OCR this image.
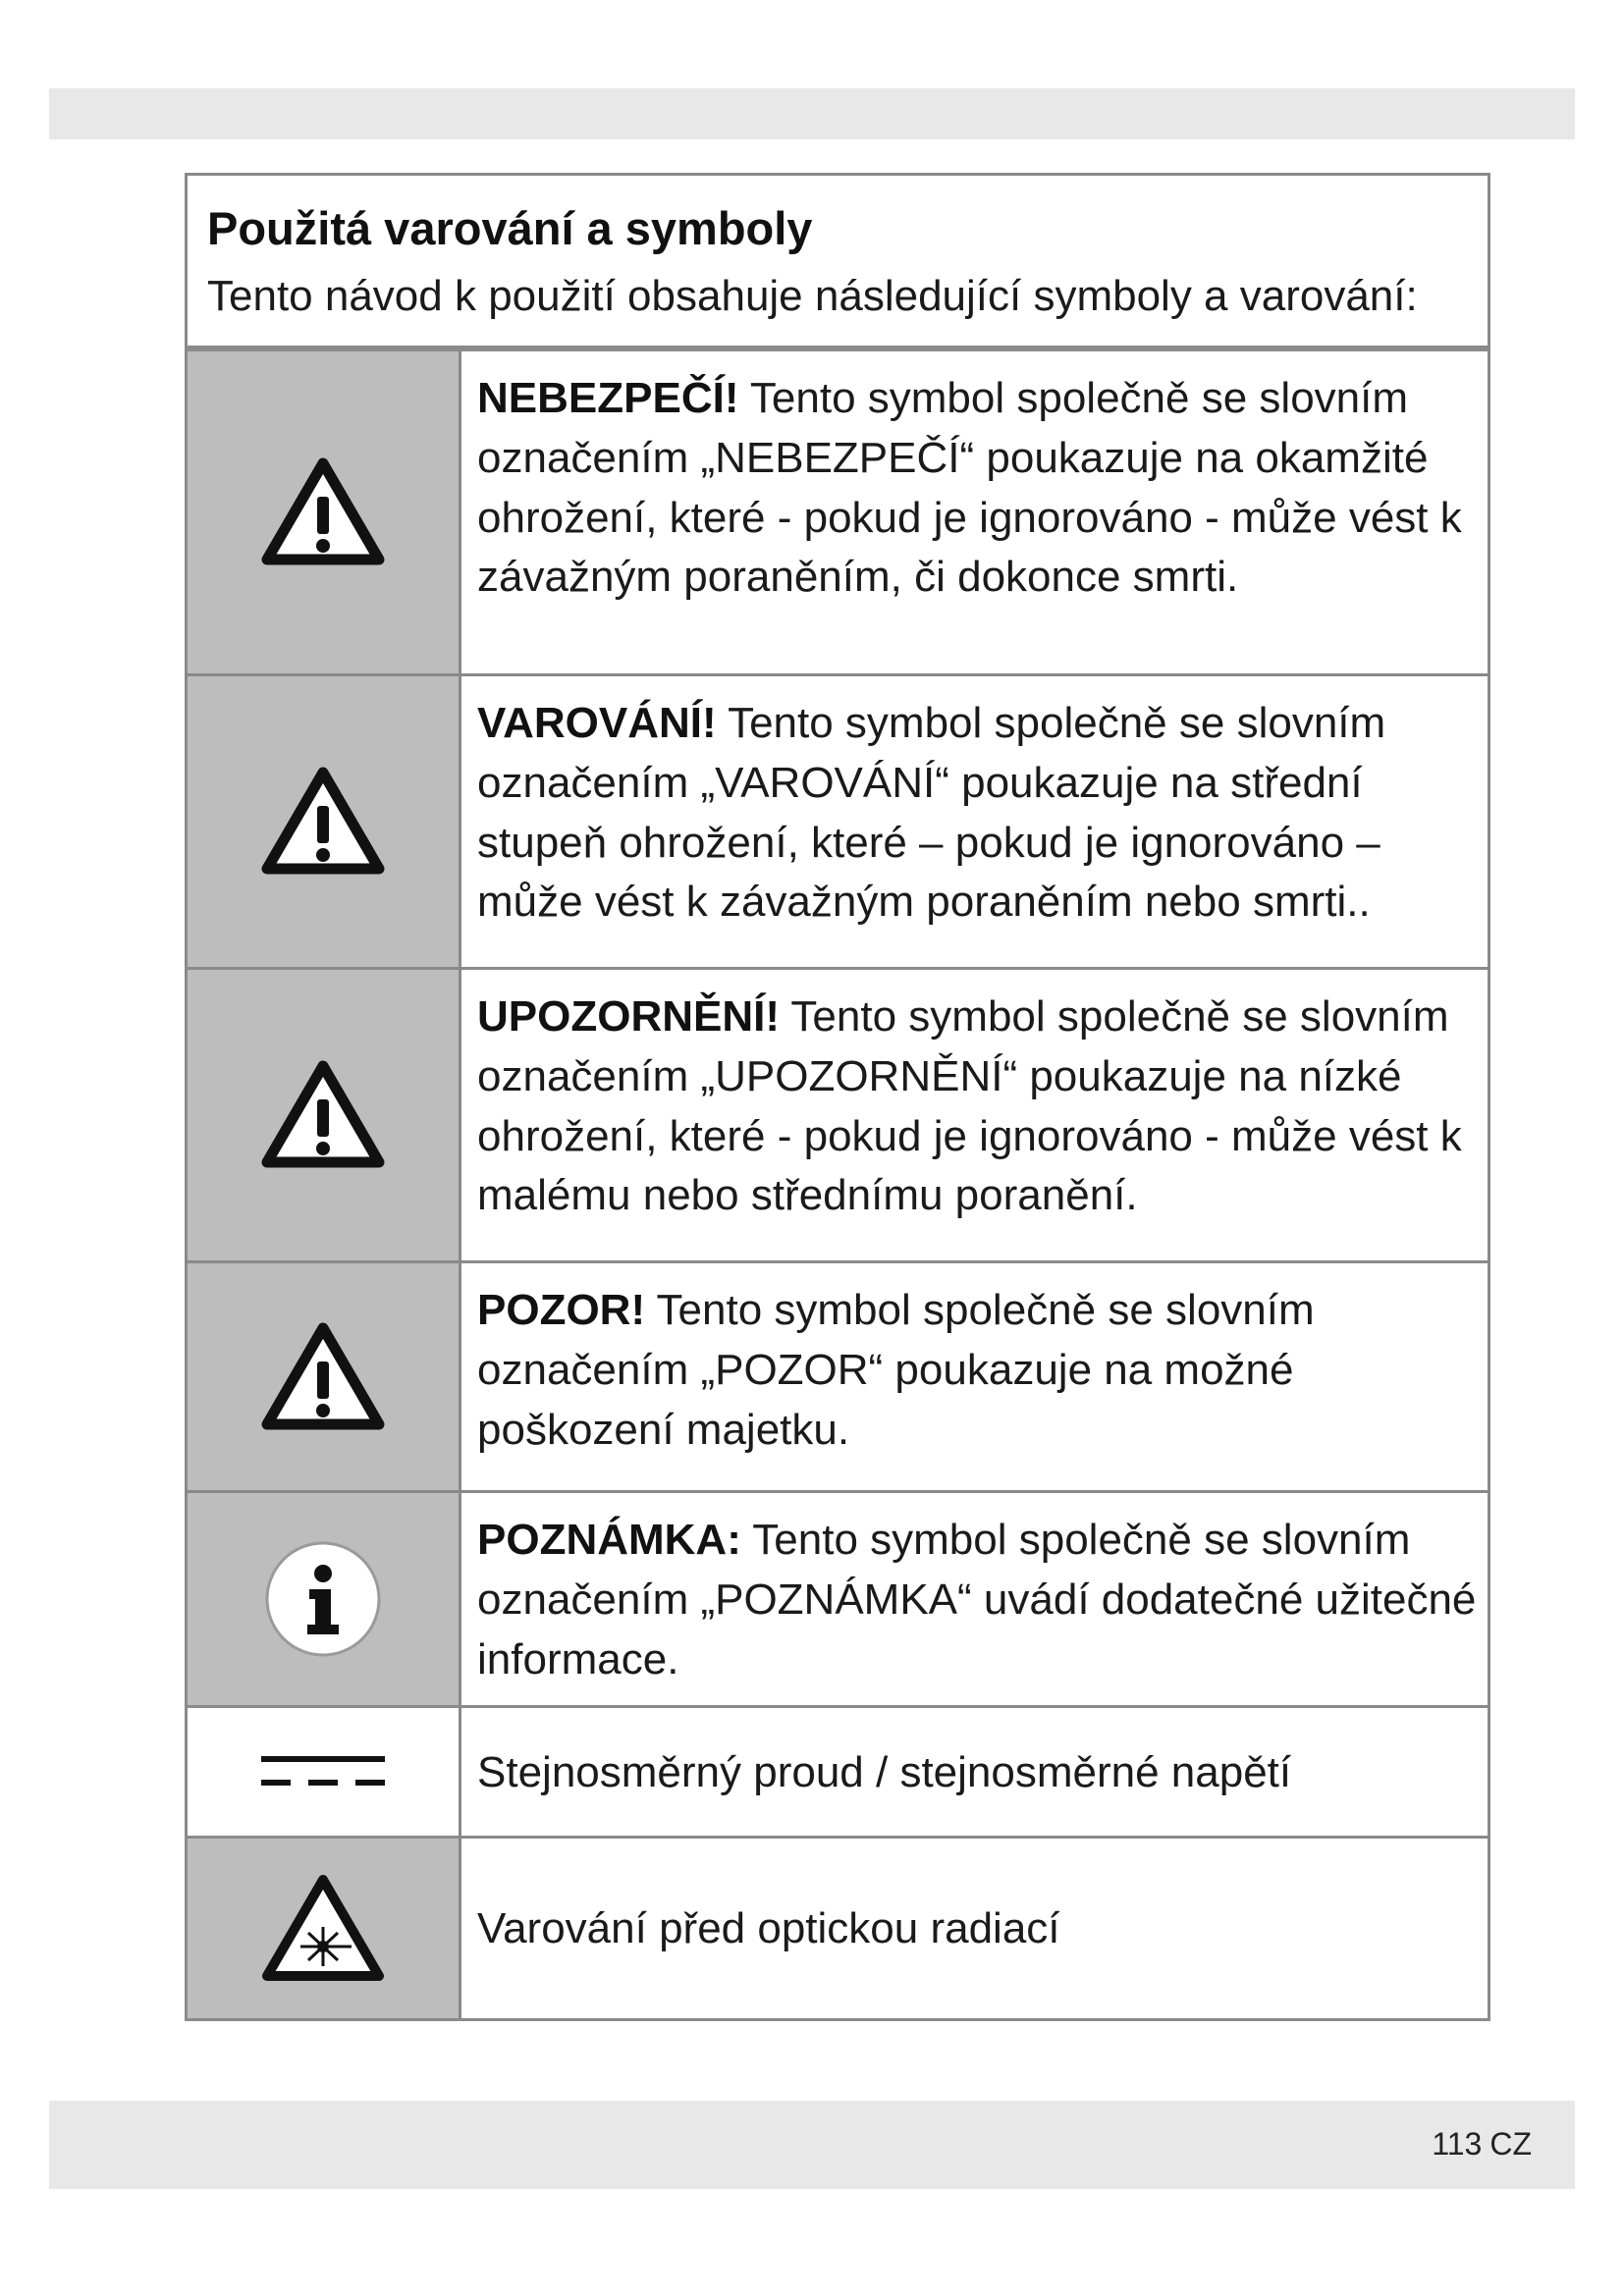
Použitá varování a symboly

Tento návod k použití obsahuje následující symboly a varování:

NEBEZPEČÍ! Tento symbol společně se slovním označením „NEBEZPEČÍ“ poukazuje na okamžité ohrožení, které - pokud je ignorováno - může vést k závažným poraněním, či dokonce smrti.
VAROVÁNÍ! Tento symbol společně se slovním označením „VAROVÁNÍ“ poukazuje na střední stupeň ohrožení, které – pokud je ignorováno – může vést k závažným poraněním nebo smrti..
UPOZORNĚNÍ! Tento symbol společně se slovním označením „UPOZORNĚNÍ“ poukazuje na nízké ohrožení, které - pokud je ignorováno - může vést k malému nebo střednímu poranění.
POZOR! Tento symbol společně se slovním označením „POZOR“ poukazuje na možné poškození majetku.
POZNÁMKA: Tento symbol společně se slovním označením „POZNÁMKA“ uvádí dodatečné užitečné informace.
Stejnosměrný proud / stejnosměrné napětí
Varování před optickou radiací
113 CZ
